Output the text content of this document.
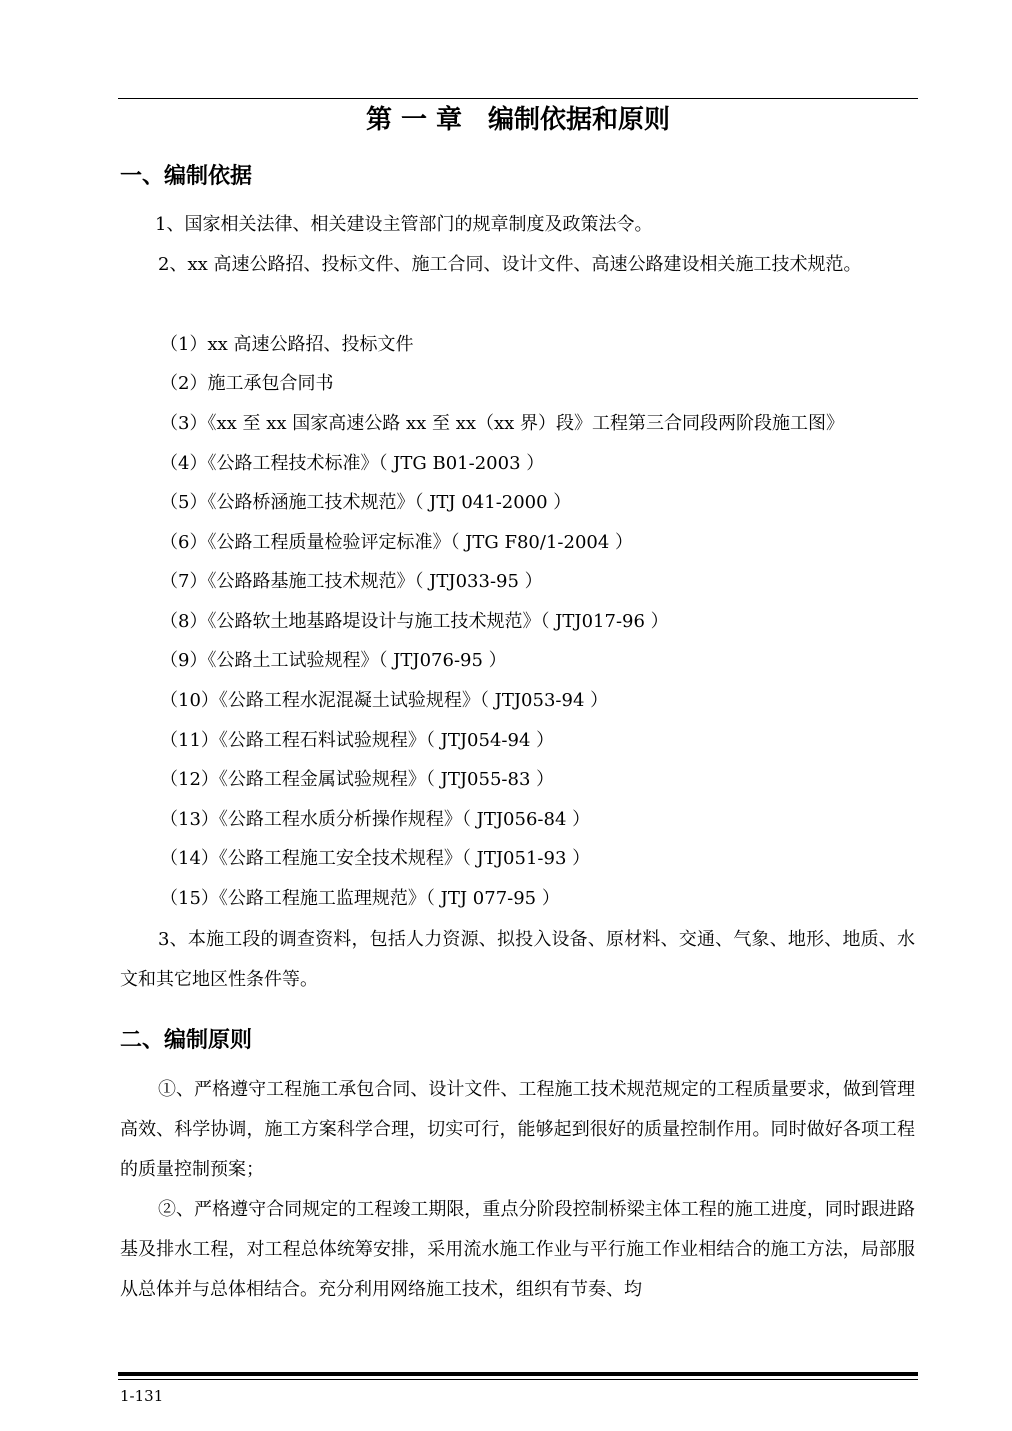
第 一 章　编制依据和原则
一、编制依据
1、国家相关法律、相关建设主管部门的规章制度及政策法令。
2、xx 高速公路招、投标文件、施工合同、设计文件、高速公路建设相关施工技术规范。
（1）xx 高速公路招、投标文件
（2）施工承包合同书
（3）《xx 至 xx 国家高速公路 xx 至 xx（xx 界）段》工程第三合同段两阶段施工图》
（4）《公路工程技术标准》（ JTG B01-2003 ）
（5）《公路桥涵施工技术规范》（ JTJ 041-2000 ）
（6）《公路工程质量检验评定标准》（ JTG F80/1-2004 ）
（7）《公路路基施工技术规范》（ JTJ033-95 ）
（8）《公路软土地基路堤设计与施工技术规范》（ JTJ017-96 ）
（9）《公路土工试验规程》（ JTJ076-95 ）
（10）《公路工程水泥混凝土试验规程》（ JTJ053-94 ）
（11）《公路工程石料试验规程》（ JTJ054-94 ）
（12）《公路工程金属试验规程》（ JTJ055-83 ）
（13）《公路工程水质分析操作规程》（ JTJ056-84 ）
（14）《公路工程施工安全技术规程》（ JTJ051-93 ）
（15）《公路工程施工监理规范》（ JTJ 077-95 ）
3、本施工段的调查资料，包括人力资源、拟投入设备、原材料、交通、气象、地形、地质、水文和其它地区性条件等。
二、编制原则
①、严格遵守工程施工承包合同、设计文件、工程施工技术规范规定的工程质量要求，做到管理高效、科学协调，施工方案科学合理，切实可行，能够起到很好的质量控制作用。同时做好各项工程的质量控制预案；
②、严格遵守合同规定的工程竣工期限，重点分阶段控制桥梁主体工程的施工进度，同时跟进路基及排水工程，对工程总体统筹安排，采用流水施工作业与平行施工作业相结合的施工方法，局部服从总体并与总体相结合。充分利用网络施工技术，组织有节奏、均
1-131
